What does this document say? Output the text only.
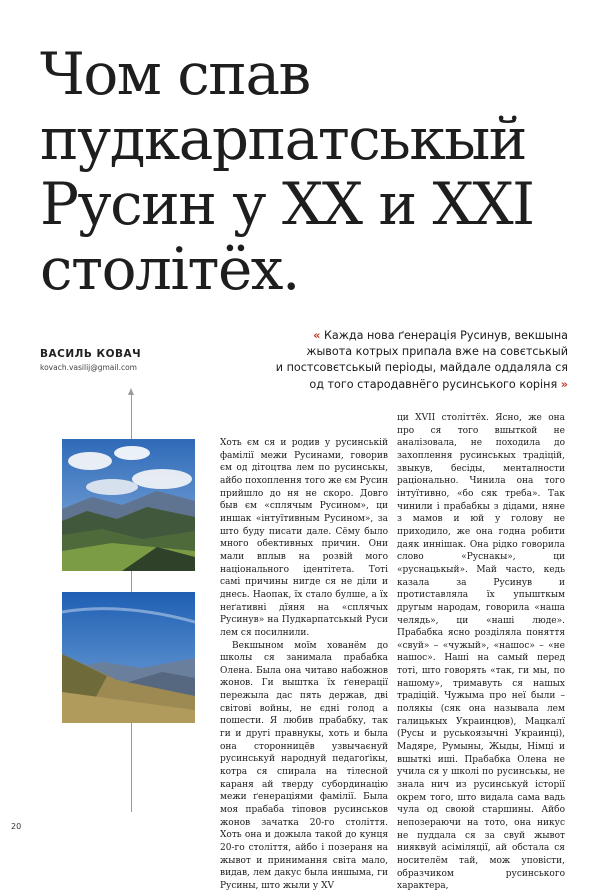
Чом спав
пудкарпатськый
Русин у XX и XXI
столітёх.
ВАСИЛЬ КОВАЧ
kovach.vasilij@gmail.com
« Кажда нова ґенерація Русинув, векшына
жывота котрых припала вже на совєтськый
и постсовєтськый періоды, майдале оддаляла ся
од того стародавнёго русинського коріня »

Хоть єм ся и родив у русинській фамілії межи Русинами, говорив єм од дітоцтва лем по русинськы, айбо похоплення того же єм Русин прийшло до ня не скоро. Довго быв єм «сплячым Русином», ци иншак «інтуїтивным Русином», за што буду писати дале. Сёму было много обективных причин. Они мали вплыв на розвій мого національного ідентітета. Тоті самі причины нигде ся не діли и днесь. Наопак, їх стало булше, а їх неґативні дїяня на «сплячых Русинув» на Пудкарпатськый Руси лем ся посилнили.

Векшыном моїм хованём до школы ся занимала прабабка Олена. Была она читаво набожнов жонов. Ги вышткa їх ґенерації пережыла дас пять держав, дві світові войны, не єдні голод а пошести. Я любив прабабку, так ги и другі правнукы, хоть и была она сторонницёв узвычаєнуй русинськуй народнуй педагоґікы, котра ся спирала на тілесной караня ай тверду субординацію межи ґенераціями фамілії. Была моя прабаба тіповов русинськов жонов зачатка 20-го століття. Хоть она и дожыла такой до кунця 20-го століття, айбо і позераня на жывот и принимання світа мало, видав, лем дакус была иншыма, ги Русины, што жыли у XV

ци XVII століттёх. Ясно, же она про ся того вшыткой не аналізовала, не походила до захоплення русинськых традіцій, звыкув, бесіды, менталности раціонально. Чинила она того інтуїтивно, «бо сяк треба». Так чинили і прабабкы з дідами, няне з мамов и юй у голову не приходило, же она годна робити даяк иннішак. Она рідко говорила слово «Руснакы», ци «руснацькый». Май часто, кедь казала за Русинув и протиставляла їх упышткым другым народам, говорила «наша челядь», ци «наші люде». Прабабка ясно розділяла поняття «свуй» – «чужый», «нашос» – «не нашос». Наші на самый перед тоті, што говорять «так, ги мы, по нашому», тримавуть ся нашых традіцій. Чужыма про неї были – полякы (сяк она называла лем галицькых Украинцюв), Мацкалї (Русы и руськоязычні Украинці), Мадяре, Румыны, Жыды, Німці и вшыткі иші. Прабабка Олена не учила ся у школі по русинськы, не знала нич из русинськуй історії окрем того, што видала сама вадь чула од своюй старшины. Айбо непозераючи на тото, она никус не пуддала ся за свуй жывот нияквуй асімiляції, ай обстала ся носителём тай, мож уповісти, образчиком русинського характера,

20
